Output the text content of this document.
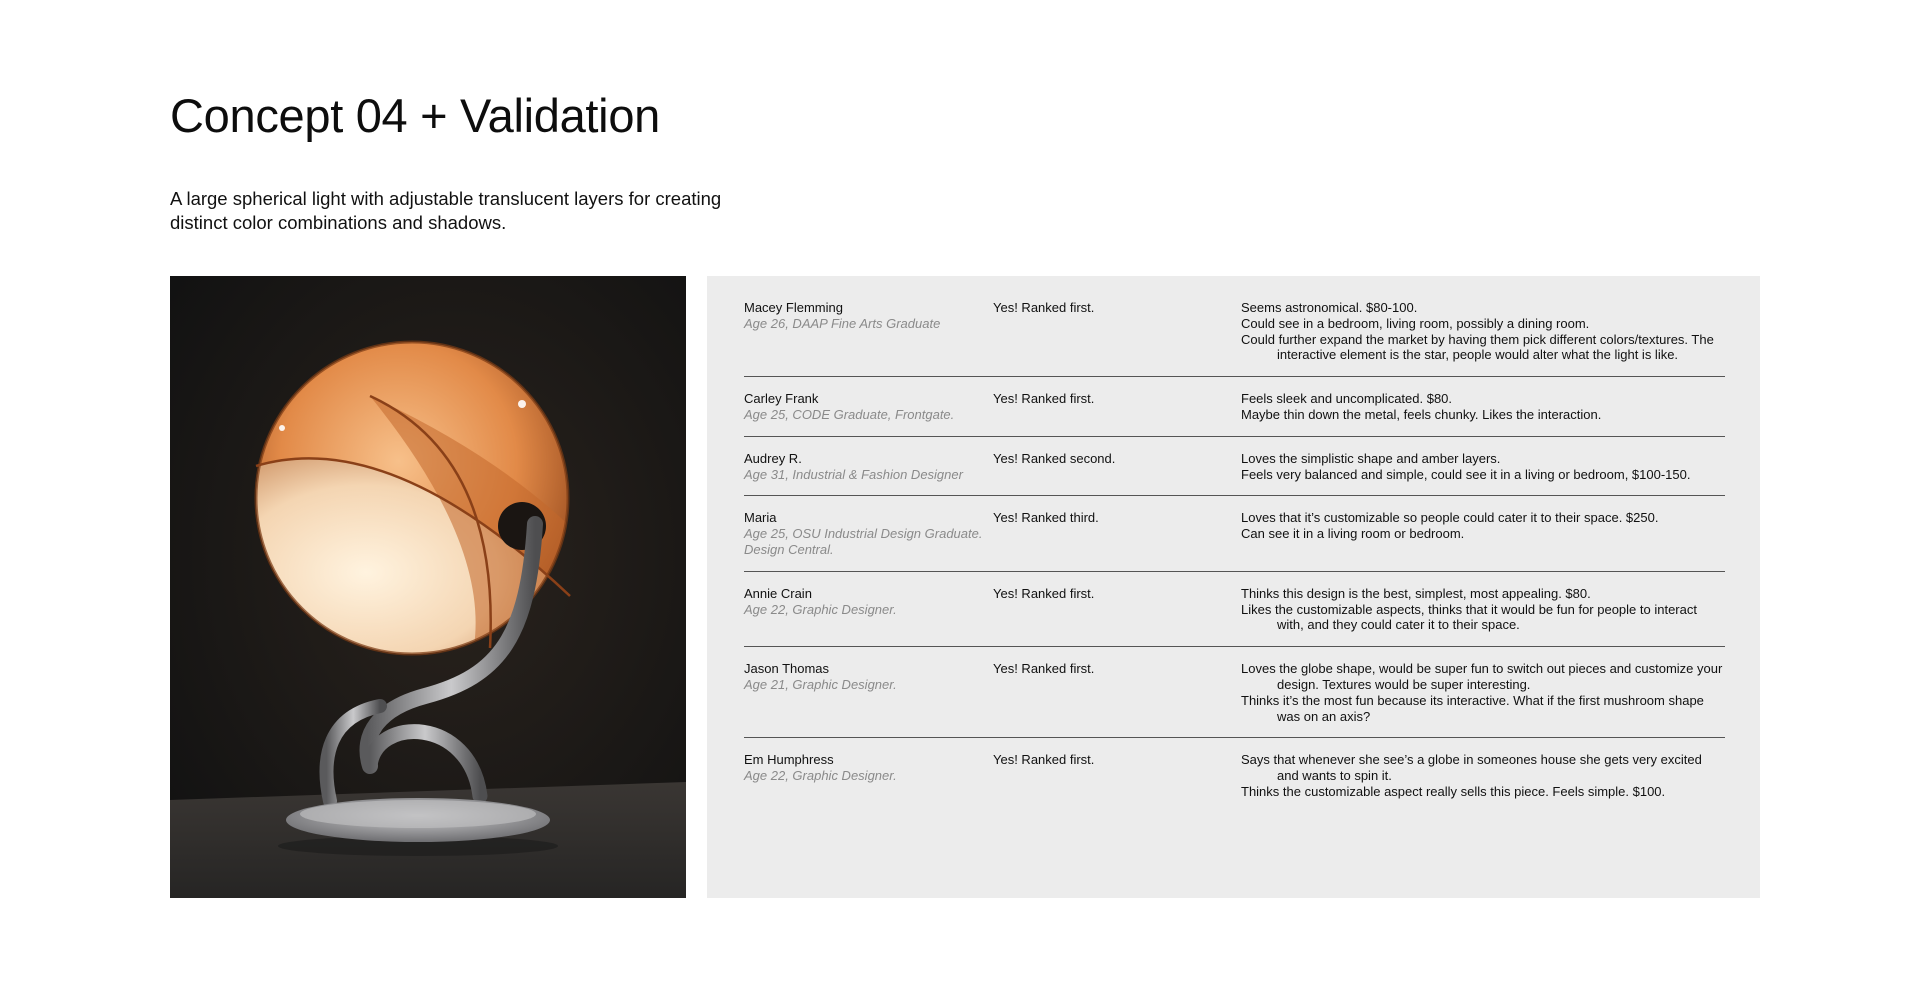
Concept 04 + Validation

A large spherical light with adjustable translucent layers for creating distinct color combinations and shadows.

Macey Flemming
Age 26, DAAP Fine Arts Graduate
Yes! Ranked first.	Seems astronomical. $80-100.

Could see in a bedroom, living room, possibly a dining room.

Could further expand the market by having them pick different colors/textures. The interactive element is the star, people would alter what the light is like.

Carley Frank
Age 25, CODE Graduate, Frontgate.
Yes! Ranked first.	Feels sleek and uncomplicated. $80.

Maybe thin down the metal, feels chunky. Likes the interaction.

Audrey R.
Age 31, Industrial & Fashion Designer
Yes! Ranked second.	Loves the simplistic shape and amber layers.

Feels very balanced and simple, could see it in a living or bedroom, $100-150.

Maria
Age 25, OSU Industrial Design Graduate. Design Central.
Yes! Ranked third.	Loves that it’s customizable so people could cater it to their space. $250.

Can see it in a living room or bedroom.

Annie Crain
Age 22, Graphic Designer.
Yes! Ranked first.	Thinks this design is the best, simplest, most appealing. $80.

Likes the customizable aspects, thinks that it would be fun for people to interact with, and they could cater it to their space.

Jason Thomas
Age 21, Graphic Designer.
Yes! Ranked first.	Loves the globe shape, would be super fun to switch out pieces and customize your design. Textures would be super interesting.

Thinks it’s the most fun because its interactive. What if the first mushroom shape was on an axis?

Em Humphress
Age 22, Graphic Designer.
Yes! Ranked first.	Says that whenever she see’s a globe in someones house she gets very excited and wants to spin it.

Thinks the customizable aspect really sells this piece. Feels simple. $100.
